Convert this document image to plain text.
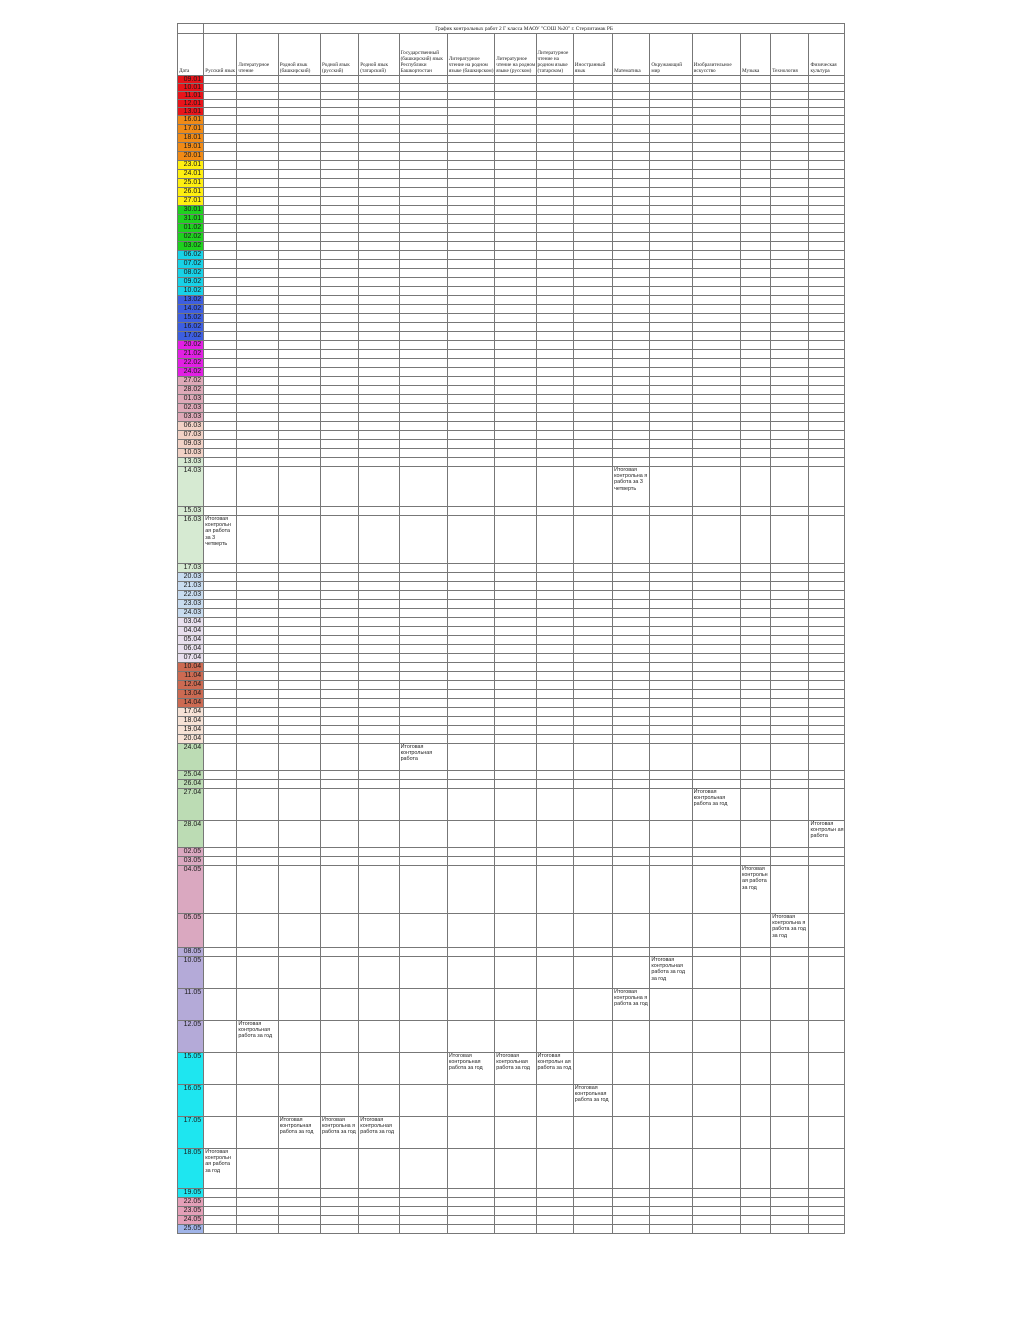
	График контрольных работ 2 Г класса МАОУ "СОШ №20" г. Стерлитамак РБ															
Дата	Русский язык	Литературное чтение	Родной язык (башкирский)	Родной язык (русский)	Родной язык (татарский)	Государственный (башкирский) язык Республики Башкортостан	Литературное чтение на родном языке (башкирском)	Литературное чтение на родном языке (русском)	Литературное чтение на родном языке (татарском)	Иностранный язык	Математика	Окружающий мир	Изобразительное искусство	Музыка	Технология	Физическая культура
09.01																
10.01																
11.01																
12.01																
13.01																
16.01																
17.01																
18.01																
19.01																
20.01																
23.01																
24.01																
25.01																
26.01																
27.01																
30.01																
31.01																
01.02																
02.02																
03.02																
06.02																
07.02																
08.02																
09.02																
10.02																
13.02																
14.02																
15.02																
16.02																
17.02																
20.02																
21.02																
22.02																
24.02																
27.02																
28.02																
01.03																
02.03																
03.03																
06.03																
07.03																
09.03																
10.03																
13.03																
14.03											Итоговая контрольна я работа за 3 четверть					

15.03																
16.03	Итоговая контрольн ая работа за 3 четверть															

17.03																
20.03																
21.03																
22.03																
23.03																
24.03																
03.04																
04.04																
05.04																
06.04																
07.04																
10.04																
11.04																
12.04																
13.04																
14.04																
17.04																
18.04																
19.04																
20.04																
24.04						Итоговая контрольная работа										

25.04																
26.04																
27.04													Итоговая контрольная работа за год			

28.04																Итоговая контрольн ая работа

02.05																
03.05																
04.05														Итоговая контрольн ая работа за год		

05.05															Итоговая контрольна я работа за год за год	

08.05																
10.05												Итоговая контрольная работа за год за год				

11.05											Итоговая контрольна я работа за год					

12.05		Итоговая контрольная работа за год														

15.05							Итоговая контрольная работа за год	Итоговая контрольная работа за год	Итоговая контрольн ая работа за год							

16.05										Итоговая контрольная работа за год						

17.05			Итоговая контрольная работа за год	Итоговая контрольна я работа за год	Итоговая контрольная работа за год											

18.05	Итоговая контрольн ая работа за год															

19.05																
22.05																
23.05																
24.05																
25.05																
